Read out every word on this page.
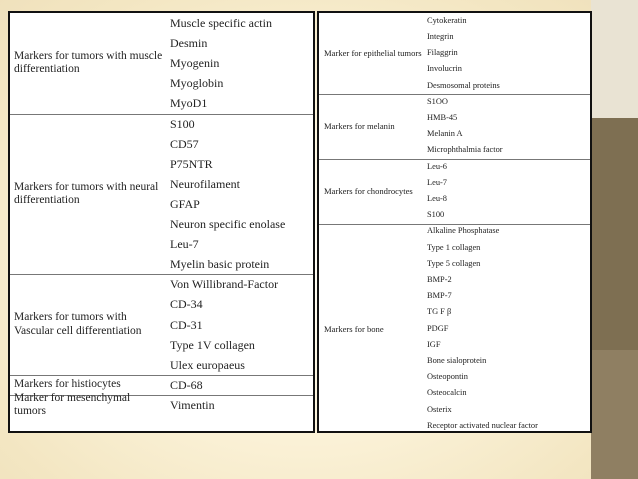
Markers for tumors with muscle differentiation
Muscle specific actin
Desmin
Myogenin
Myoglobin
MyoD1
Markers for tumors with neural differentiation
S100
CD57
P75NTR
Neurofilament
GFAP
Neuron specific enolase
Leu-7
Myelin basic protein
Markers for tumors with Vascular cell differentiation
Von Willibrand-Factor
CD-34
CD-31
Type 1V collagen
Ulex europaeus
Markers for histiocytes	CD-68
Marker for mesenchymal tumors	Vimentin
Marker for epithelial tumors
Cytokeratin
Integrin
Filaggrin
Involucrin
Desmosomal proteins
Markers for melanin
S1OO
HMB-45
Melanin A
Microphthalmia factor
Markers for chondrocytes
Leu-6
Leu-7
Leu-8
S100
Markers for bone
Alkaline Phosphatase
Type 1 collagen
Type 5 collagen
BMP-2
BMP-7
TG F β
PDGF
IGF
Bone sialoprotein
Osteopontin
Osteocalcin
Osterix
Receptor activated nuclear factor
